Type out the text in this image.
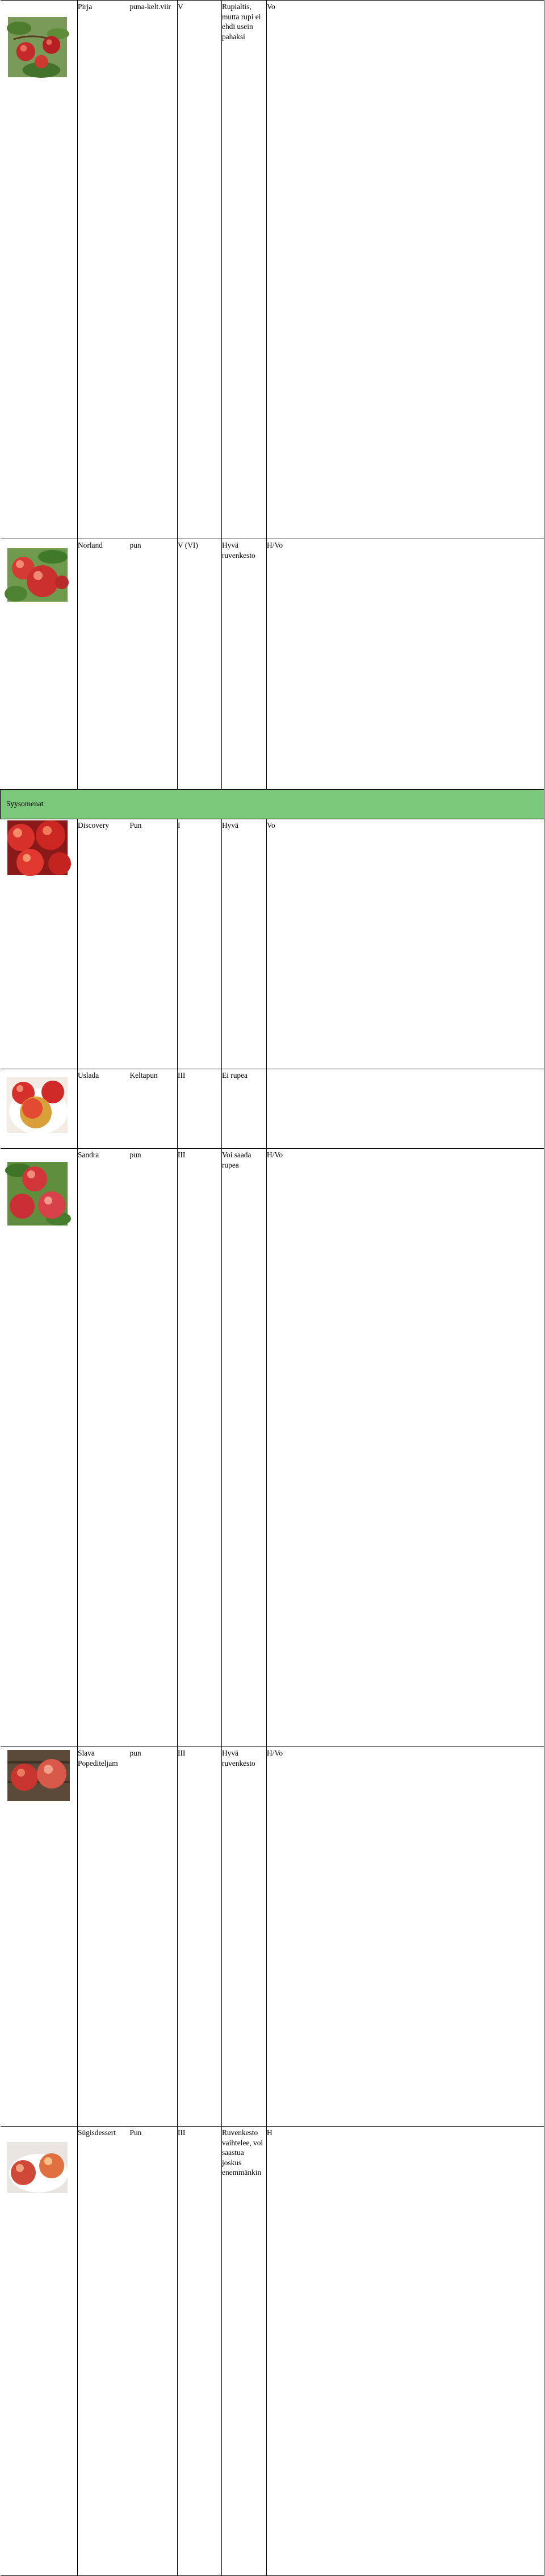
	Pirja	puna-kelt.viir	V	Rupialtis, mutta rupi ei ehdi usein pahaksi	Vo	

	Norland	pun	V (VI)	Hyvä ruvenkesto	H/Vo	
Syysomenat						

	Discovery	Pun	I	Hyvä	Vo	

	Uslada	Keltapun	III	Ei rupea		

	Sandra	pun	III	Voi saada rupea	H/Vo	

	Slava Popediteljam	pun	III	Hyvä ruvenkesto	H/Vo	

	Sügisdessert	Pun	III	Ruvenkesto vaihtelee, voi saastua joskus enemmänkin	H	
